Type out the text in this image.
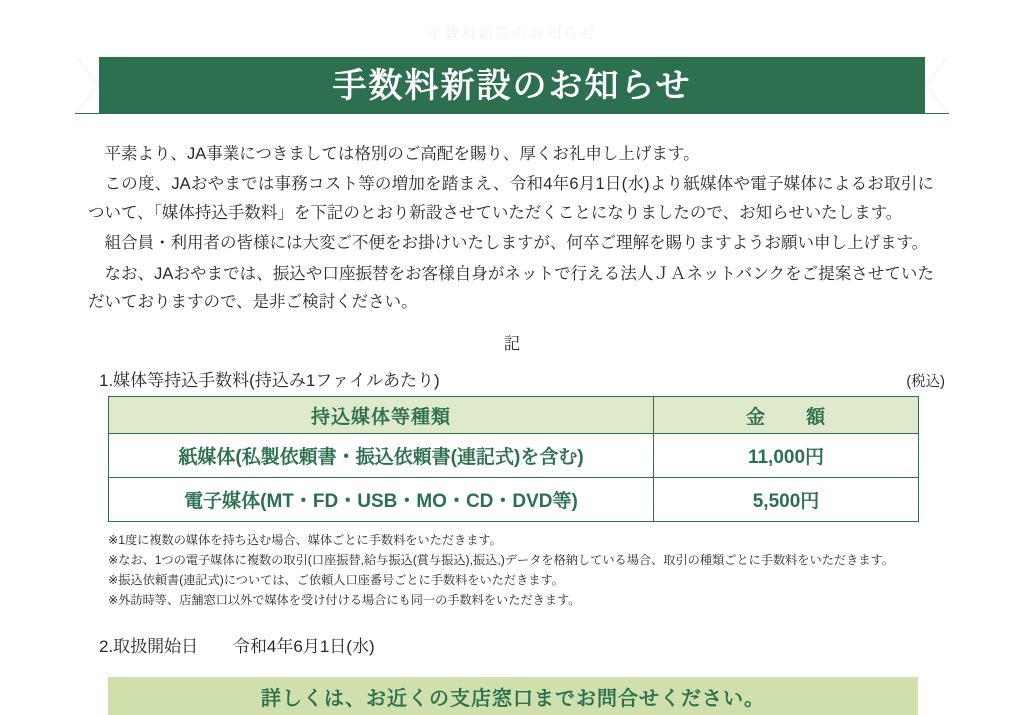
手数料新設のお知らせ
手数料新設のお知らせ

平素より、JA事業につきましては格別のご高配を賜り、厚くお礼申し上げます。

この度、JAおやまでは事務コスト等の増加を踏まえ、令和4年6月1日(水)より紙媒体や電子媒体によるお取引について、「媒体持込手数料」を下記のとおり新設させていただくことになりましたので、お知らせいたします。

組合員・利用者の皆様には大変ご不便をお掛けいたしますが、何卒ご理解を賜りますようお願い申し上げます。

なお、JAおやまでは、振込や口座振替をお客様自身がネットで行える法人ＪＡネットバンクをご提案させていただいておりますので、是非ご検討ください。

記
1.媒体等持込手数料(持込み1ファイルあたり)	(税込)
持込媒体等種類	金　　額
紙媒体(私製依頼書・振込依頼書(連記式)を含む)	11,000円
電子媒体(MT・FD・USB・MO・CD・DVD等)	5,500円
※1度に複数の媒体を持ち込む場合、媒体ごとに手数料をいただきます。
※なお、1つの電子媒体に複数の取引(口座振替,給与振込(賞与振込),振込,)データを格納している場合、取引の種類ごとに手数料をいただきます。
※振込依頼書(連記式)については、ご依頼人口座番号ごとに手数料をいただきます。
※外訪時等、店舗窓口以外で媒体を受け付ける場合にも同一の手数料をいただきます。
2.取扱開始日 令和4年6月1日(水)
詳しくは、お近くの支店窓口までお問合せください。
